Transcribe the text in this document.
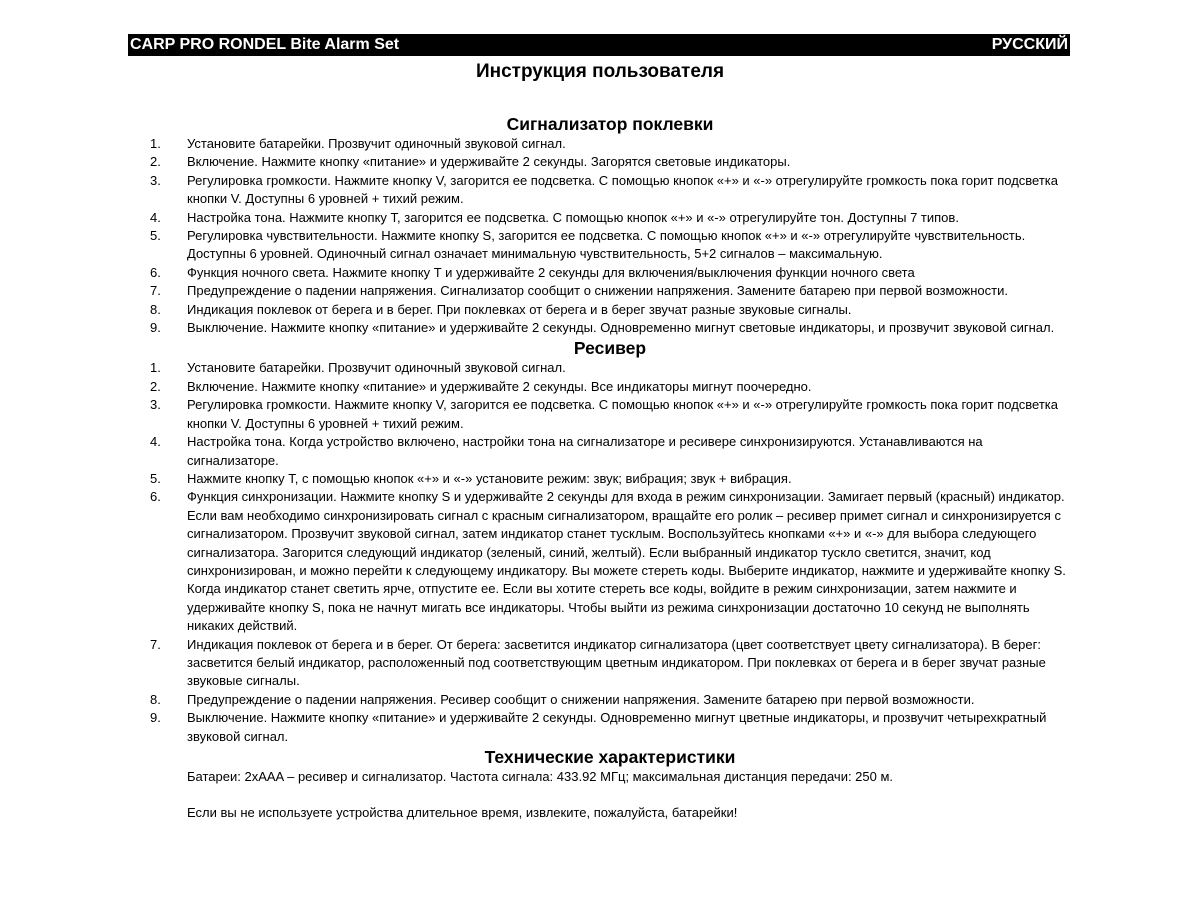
CARP PRO RONDEL Bite Alarm Set	РУССКИЙ
Инструкция пользователя
Сигнализатор поклевки
1. Установите батарейки. Прозвучит одиночный звуковой сигнал.
2. Включение. Нажмите кнопку «питание» и удерживайте 2 секунды. Загорятся световые индикаторы.
3. Регулировка громкости. Нажмите кнопку V, загорится ее подсветка. С помощью кнопок «+» и «-» отрегулируйте громкость пока горит подсветка кнопки V. Доступны 6 уровней + тихий режим.
4. Настройка тона. Нажмите кнопку T, загорится ее подсветка. С помощью кнопок «+» и «-» отрегулируйте тон. Доступны 7 типов.
5. Регулировка чувствительности. Нажмите кнопку S, загорится ее подсветка. С помощью кнопок «+» и «-» отрегулируйте чувствительность. Доступны 6 уровней. Одиночный сигнал означает минимальную чувствительность, 5+2 сигналов – максимальную.
6. Функция ночного света. Нажмите кнопку T и удерживайте 2 секунды для включения/выключения функции ночного света
7. Предупреждение о падении напряжения. Сигнализатор сообщит о снижении напряжения. Замените батарею при первой возможности.
8. Индикация поклевок от берега и в берег. При поклевках от берега и в берег звучат разные звуковые сигналы.
9. Выключение. Нажмите кнопку «питание» и удерживайте 2 секунды. Одновременно мигнут световые индикаторы, и прозвучит звуковой сигнал.
Ресивер
1. Установите батарейки. Прозвучит одиночный звуковой сигнал.
2. Включение. Нажмите кнопку «питание» и удерживайте 2 секунды. Все индикаторы мигнут поочередно.
3. Регулировка громкости. Нажмите кнопку V, загорится ее подсветка. С помощью кнопок «+» и «-» отрегулируйте громкость пока горит подсветка кнопки V. Доступны 6 уровней + тихий режим.
4. Настройка тона. Когда устройство включено, настройки тона на сигнализаторе и ресивере синхронизируются. Устанавливаются на сигнализаторе.
5. Нажмите кнопку T, с помощью кнопок «+» и «-» установите режим: звук; вибрация; звук + вибрация.
6. Функция синхронизации. Нажмите кнопку S и удерживайте 2 секунды для входа в режим синхронизации. Замигает первый (красный) индикатор. Если вам необходимо синхронизировать сигнал с красным сигнализатором, вращайте его ролик – ресивер примет сигнал и синхронизируется с сигнализатором. Прозвучит звуковой сигнал, затем индикатор станет тусклым. Воспользуйтесь кнопками «+» и «-» для выбора следующего сигнализатора. Загорится следующий индикатор (зеленый, синий, желтый). Если выбранный индикатор тускло светится, значит, код синхронизирован, и можно перейти к следующему индикатору. Вы можете стереть коды. Выберите индикатор, нажмите и удерживайте кнопку S. Когда индикатор станет светить ярче, отпустите ее. Если вы хотите стереть все коды, войдите в режим синхронизации, затем нажмите и удерживайте кнопку S, пока не начнут мигать все индикаторы. Чтобы выйти из режима синхронизации достаточно 10 секунд не выполнять никаких действий.
7. Индикация поклевок от берега и в берег. От берега: засветится индикатор сигнализатора (цвет соответствует цвету сигнализатора). В берег: засветится белый индикатор, расположенный под соответствующим цветным индикатором. При поклевках от берега и в берег звучат разные звуковые сигналы.
8. Предупреждение о падении напряжения. Ресивер сообщит о снижении напряжения. Замените батарею при первой возможности.
9. Выключение. Нажмите кнопку «питание» и удерживайте 2 секунды. Одновременно мигнут цветные индикаторы, и прозвучит четырехкратный звуковой сигнал.
Технические характеристики

Батареи: 2xAAA – ресивер и сигнализатор. Частота сигнала: 433.92 МГц; максимальная дистанция передачи: 250 м.

Если вы не используете устройства длительное время, извлеките, пожалуйста, батарейки!
